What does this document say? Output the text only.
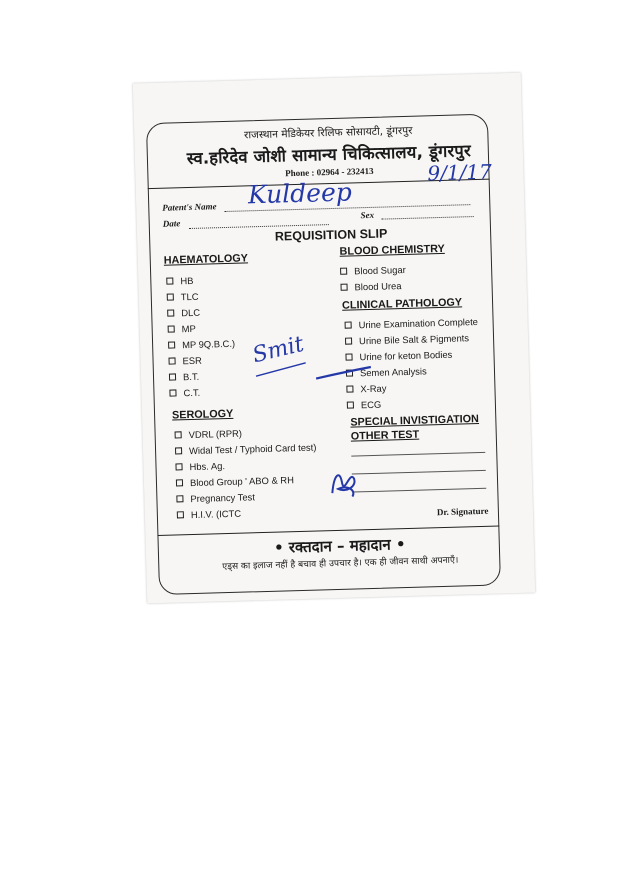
राजस्थान मेडिकेयर रिलिफ सोसायटी, डूंगरपुर
स्व.हरिदेव जोशी सामान्य चिकित्सालय, डूंगरपुर
Phone : 02964 - 232413
Patent's Name
Date
Sex
Kuldeep
9/1/17
REQUISITION SLIP
HAEMATOLOGY
HB
TLC
DLC
MP
MP 9Q.B.C.)
ESR
B.T.
C.T.
SEROLOGY
VDRL (RPR)
Widal Test / Typhoid Card test)
Hbs. Ag.
Blood Group ' ABO & RH
Pregnancy Test
H.I.V. (ICTC
BLOOD CHEMISTRY
Blood Sugar
Blood Urea
CLINICAL PATHOLOGY
Urine Examination Complete
Urine Bile Salt & Pigments
Urine for keton Bodies
Semen Analysis
X-Ray
ECG
SPECIAL INVISTIGATION
OTHER TEST
Dr. Signature
• रक्तदान – महादान •
एड्स का इलाज नहीं है बचाव ही उपचार है। एक ही जीवन साथी अपनाएँ।
Smit
